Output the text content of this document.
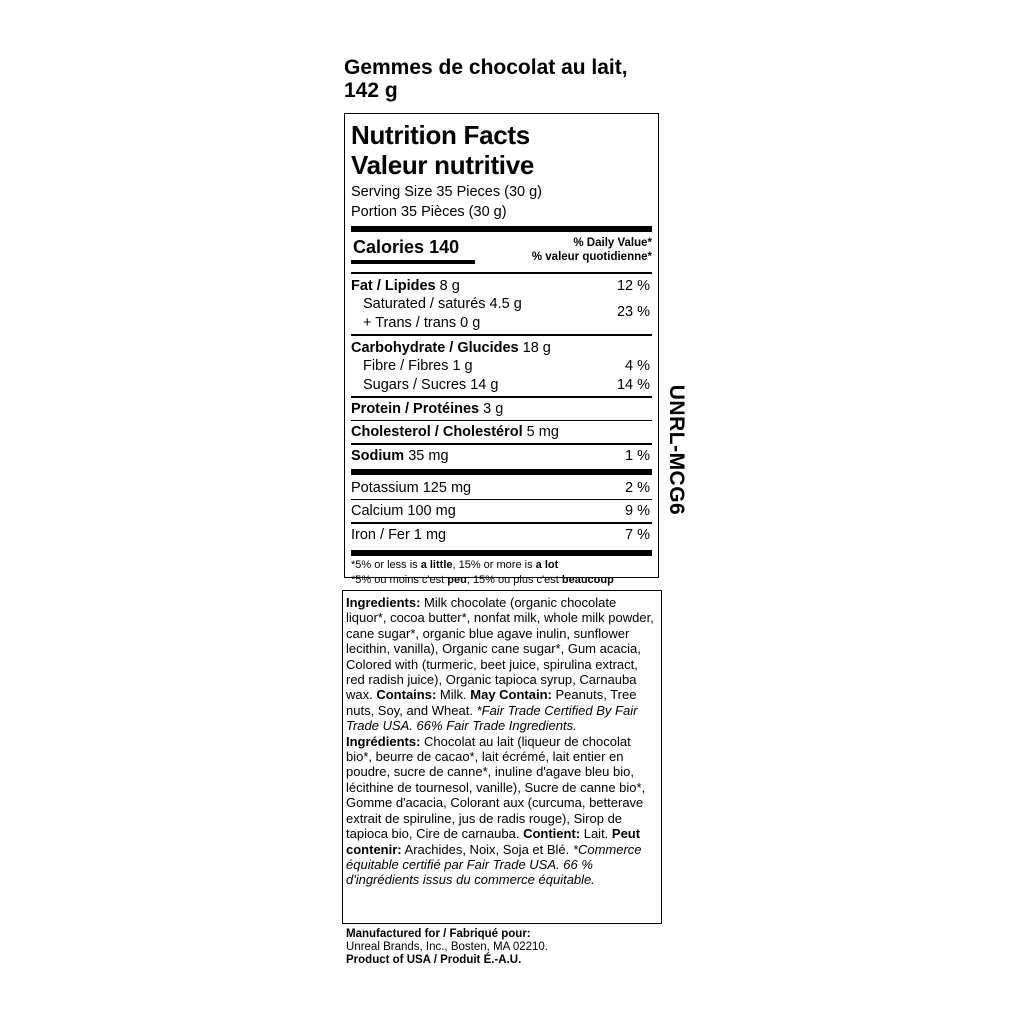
Gemmes de chocolat au lait, 142 g
Nutrition Facts
Valeur nutritive
Serving Size 35 Pieces (30 g)
Portion 35 Pièces (30 g)
Calories 140	% Daily Value*
% valeur quotidienne*
Fat / Lipides 8 g	12 %
Saturated / saturés 4.5 g	23 %
+ Trans / trans 0 g
Carbohydrate / Glucides 18 g
Fibre / Fibres 1 g	4 %
Sugars / Sucres 14 g	14 %
Protein / Protéines 3 g
Cholesterol / Cholestérol 5 mg
Sodium 35 mg	1 %
Potassium 125 mg	2 %
Calcium 100 mg	9 %
Iron / Fer 1 mg	7 %
*5% or less is a little, 15% or more is a lot
*5% ou moins c'est peu, 15% ou plus c'est beaucoup

Ingredients: Milk chocolate (organic chocolate liquor*, cocoa butter*, nonfat milk, whole milk powder, cane sugar*, organic blue agave inulin, sunflower lecithin, vanilla), Organic cane sugar*, Gum acacia, Colored with (turmeric, beet juice, spirulina extract, red radish juice), Organic tapioca syrup, Carnauba wax. Contains: Milk. May Contain: Peanuts, Tree nuts, Soy, and Wheat. *Fair Trade Certified By Fair Trade USA. 66% Fair Trade Ingredients.

Ingrédients: Chocolat au lait (liqueur de chocolat bio*, beurre de cacao*, lait écrémé, lait entier en poudre, sucre de canne*, inuline d'agave bleu bio, lécithine de tournesol, vanille), Sucre de canne bio*, Gomme d'acacia, Colorant aux (curcuma, betterave extrait de spiruline, jus de radis rouge), Sirop de tapioca bio, Cire de carnauba. Contient: Lait. Peut contenir: Arachides, Noix, Soja et Blé. *Commerce équitable certifié par Fair Trade USA. 66 % d'ingrédients issus du commerce équitable.

Manufactured for / Fabriqué pour:
Unreal Brands, Inc., Bosten, MA 02210.
Product of USA / Produit É.-A.U.
UNRL-MCG6
